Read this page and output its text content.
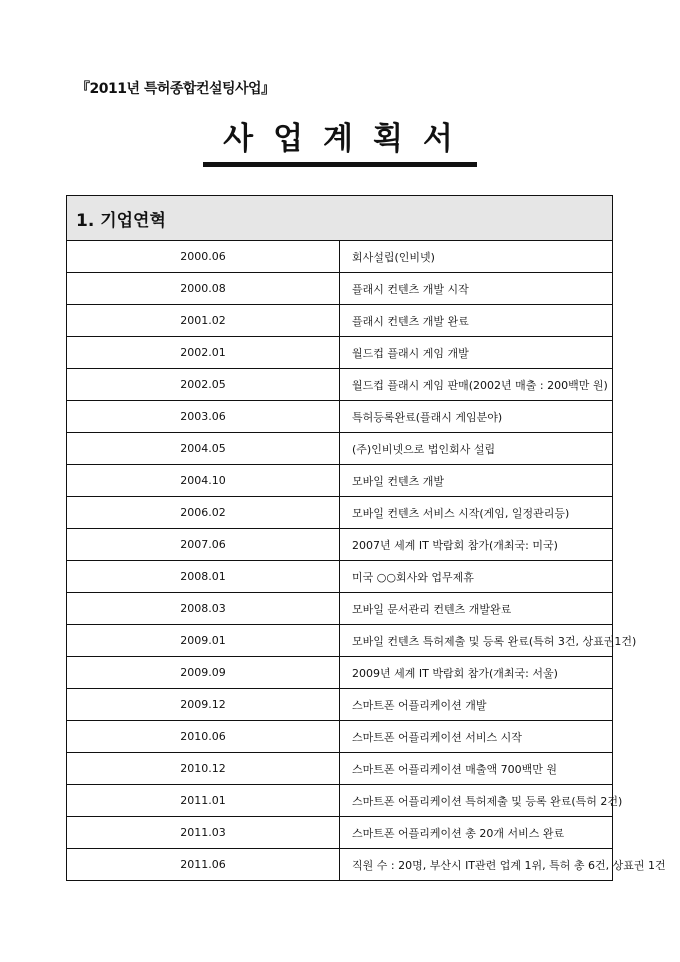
『2011년 특허종합컨설팅사업』
사업계획서
1. 기업연혁	
2000.06	회사설립(인비넷)
2000.08	플래시 컨텐츠 개발 시작
2001.02	플래시 컨텐츠 개발 완료
2002.01	월드컵 플래시 게임 개발
2002.05	월드컵 플래시 게임 판매(2002년 매출 : 200백만 원)
2003.06	특허등록완료(플래시 게임분야)
2004.05	(주)인비넷으로 법인회사 설립
2004.10	모바일 컨텐츠 개발
2006.02	모바일 컨텐츠 서비스 시작(게임, 일정관리등)
2007.06	2007년 세계 IT 박람회 참가(개최국: 미국)
2008.01	미국 ○○회사와 업무제휴
2008.03	모바일 문서관리 컨텐츠 개발완료
2009.01	모바일 컨텐츠 특허제출 및 등록 완료(특허 3건, 상표권1건)
2009.09	2009년 세계 IT 박람회 참가(개최국: 서울)
2009.12	스마트폰 어플리케이션 개발
2010.06	스마트폰 어플리케이션 서비스 시작
2010.12	스마트폰 어플리케이션 매출액 700백만 원
2011.01	스마트폰 어플리케이션 특허제출 및 등록 완료(특허 2건)
2011.03	스마트폰 어플리케이션 총 20개 서비스 완료
2011.06	직원 수 : 20명, 부산시 IT관련 업계 1위, 특허 총 6건, 상표권 1건
